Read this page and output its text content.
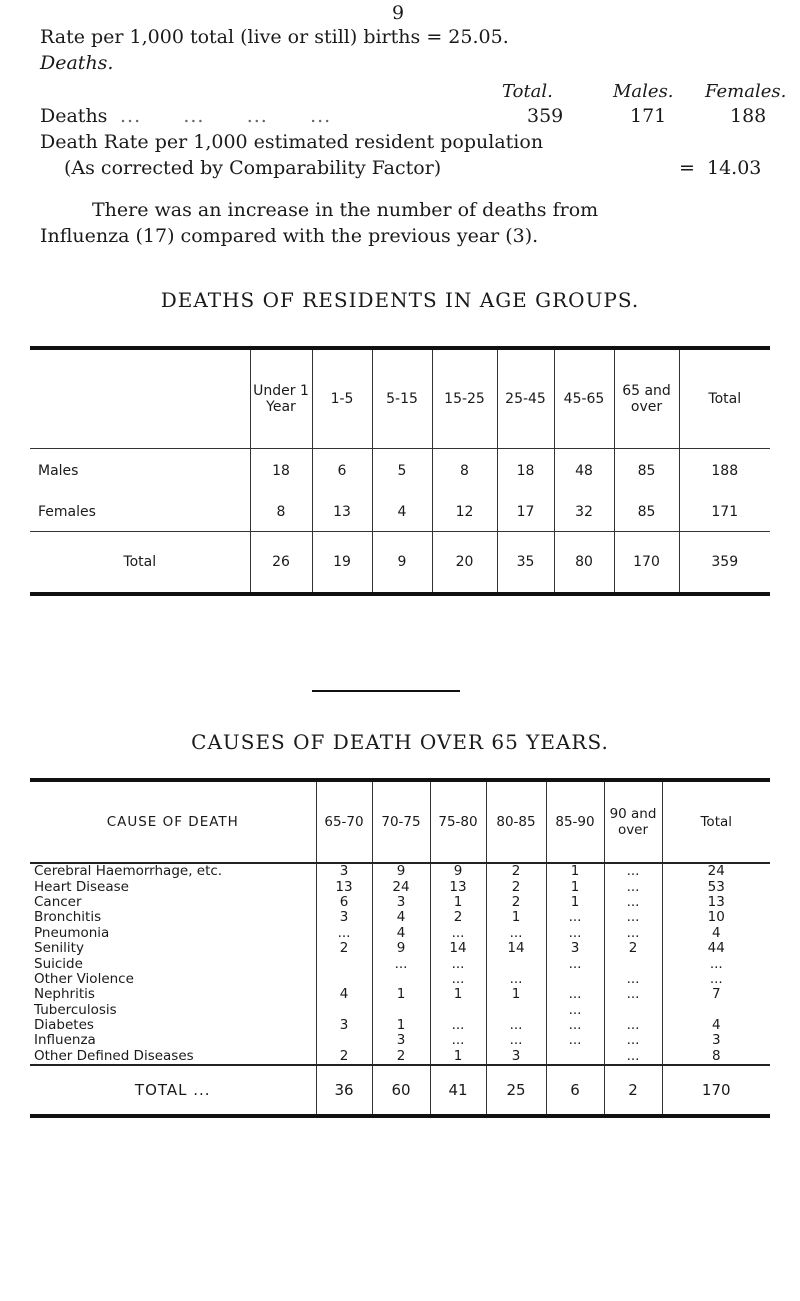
9
Rate per 1,000 total (live or still) births = 25.05.
Deaths.
Total.	Males. Females.
Deaths ...      ...      ...      ...	359	171	188
Death Rate per 1,000 estimated resident population
(As corrected by Comparability Factor)	=  14.03
There was an increase in the number of deaths from
Influenza (17) compared with the previous year (3).
DEATHS OF RESIDENTS IN AGE GROUPS.
	Under 1 Year	1-5	5-15	15-25	25-45	45-65	65 and over	Total
Males	18	6	5	8	18	48	85	188
Females	8	13	4	12	17	32	85	171
Total	26	19	9	20	35	80	170	359
CAUSES OF DEATH OVER 65 YEARS.
CAUSE OF DEATH	65-70	70-75	75-80	80-85	85-90	90 and over	Total
Cerebral Haemorrhage, etc.	3	9	9	2	1	...	24
Heart Disease	13	24	13	2	1	...	53
Cancer	6	3	1	2	1	...	13
Bronchitis	3	4	2	1	...	...	10
Pneumonia	...	4	...	...	...	...	4
Senility	2	9	14	14	3	2	44
Suicide		...	...		...		...
Other Violence			...	...		...	...
Nephritis	4	1	1	1	...	...	7
Tuberculosis					...		
Diabetes	3	1	...	...	...	...	4
Influenza		3	...	...	...	...	3
Other Defined Diseases	2	2	1	3		...	8
TOTAL ...	36	60	41	25	6	2	170
